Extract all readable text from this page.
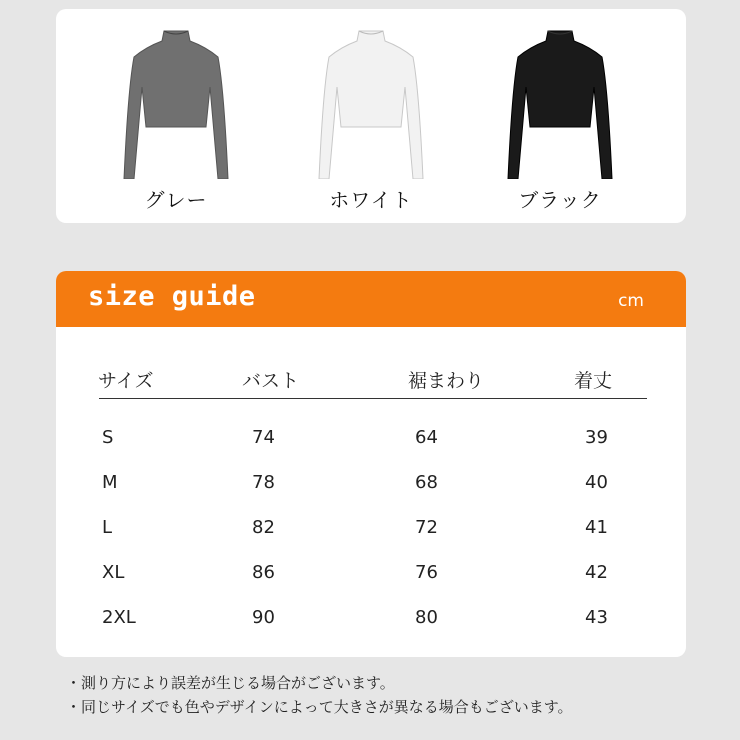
グレー	ホワイト	ブラック
size guide	cm
サイズ	バスト	裾まわり	着丈
S	74	64	39
M	78	68	40
L	82	72	41
XL	86	76	42
2XL	90	80	43
・測り方により誤差が生じる場合がございます。
・同じサイズでも色やデザインによって大きさが異なる場合もございます。
